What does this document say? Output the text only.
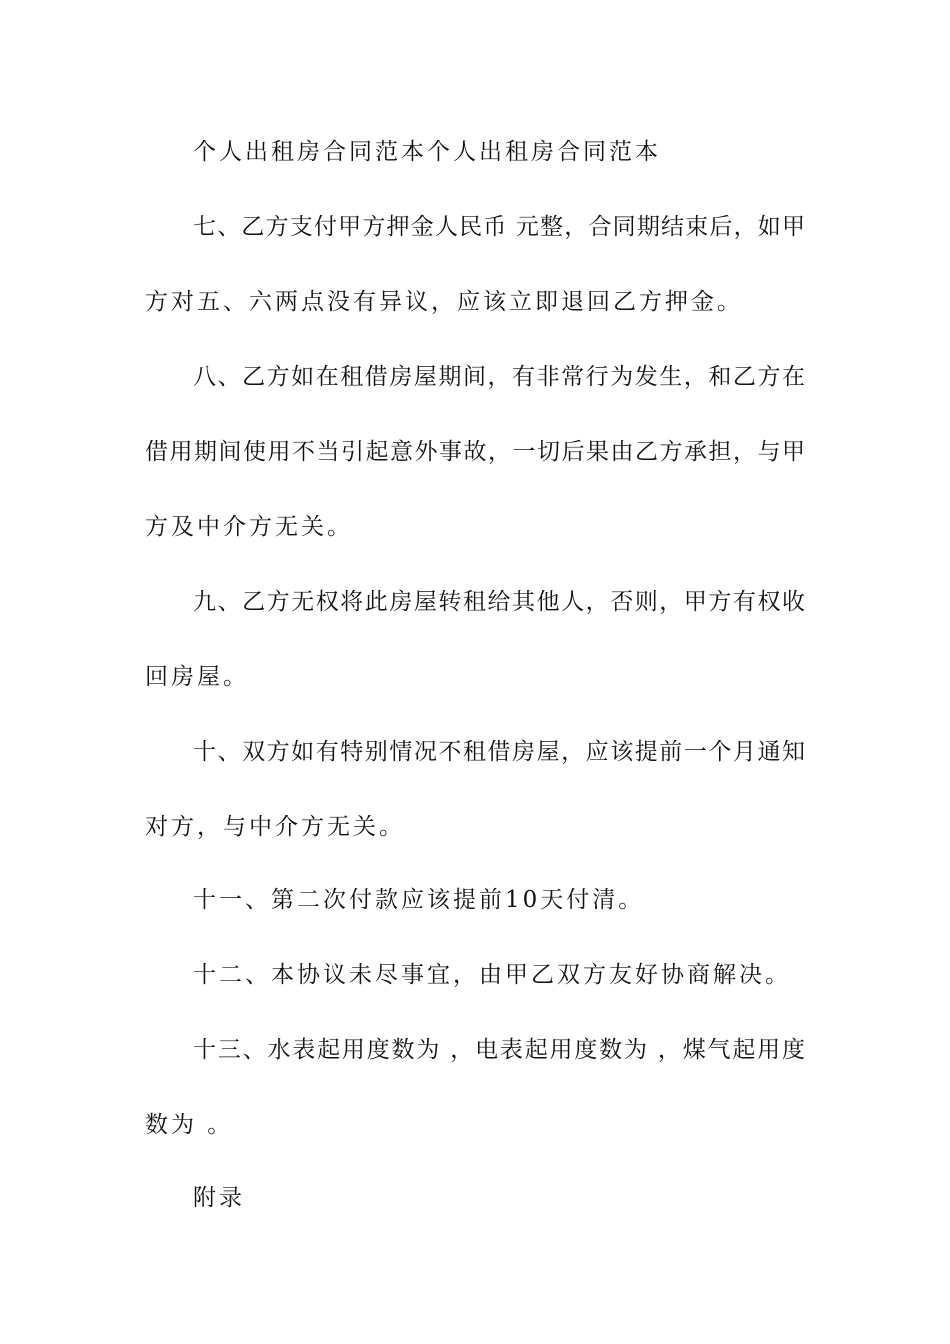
个人出租房合同范本个人出租房合同范本
七、乙方支付甲方押金人民币 元整，合同期结束后，如甲
方对五、六两点没有异议，应该立即退回乙方押金。
八、乙方如在租借房屋期间，有非常行为发生，和乙方在
借用期间使用不当引起意外事故，一切后果由乙方承担，与甲
方及中介方无关。
九、乙方无权将此房屋转租给其他人，否则，甲方有权收
回房屋。
十、双方如有特别情况不租借房屋，应该提前一个月通知
对方，与中介方无关。
十一、第二次付款应该提前10天付清。
十二、本协议未尽事宜，由甲乙双方友好协商解决。
十三、水表起用度数为 ，电表起用度数为 ，煤气起用度
数为 。
附录
